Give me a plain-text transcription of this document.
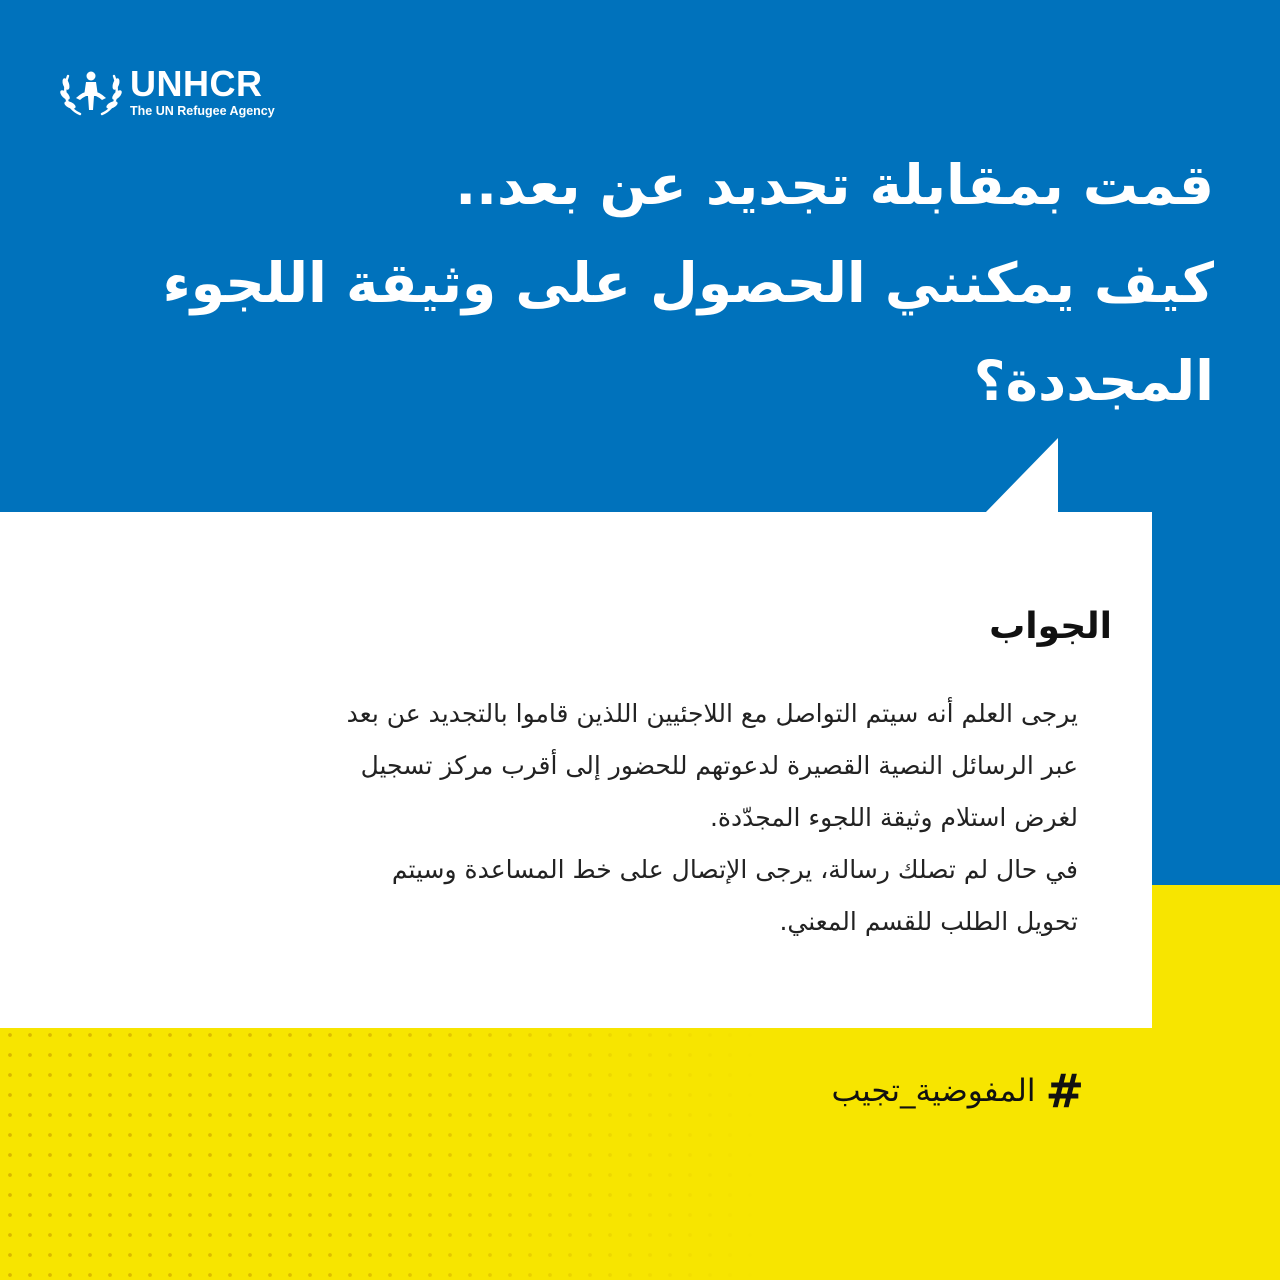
UNHCR
The UN Refugee Agency
قمت بمقابلة تجديد عن بعد..
كيف يمكنني الحصول على وثيقة اللجوء
المجددة؟
الجواب
يرجى العلم أنه سيتم التواصل مع اللاجئيين اللذين قاموا بالتجديد عن بعد
عبر الرسائل النصية القصيرة لدعوتهم للحضور إلى أقرب مركز تسجيل
لغرض استلام وثيقة اللجوء المجدّدة.
في حال لم تصلك رسالة، يرجى الإتصال على خط المساعدة وسيتم
تحويل الطلب للقسم المعني.
#
المفوضية_تجيب
